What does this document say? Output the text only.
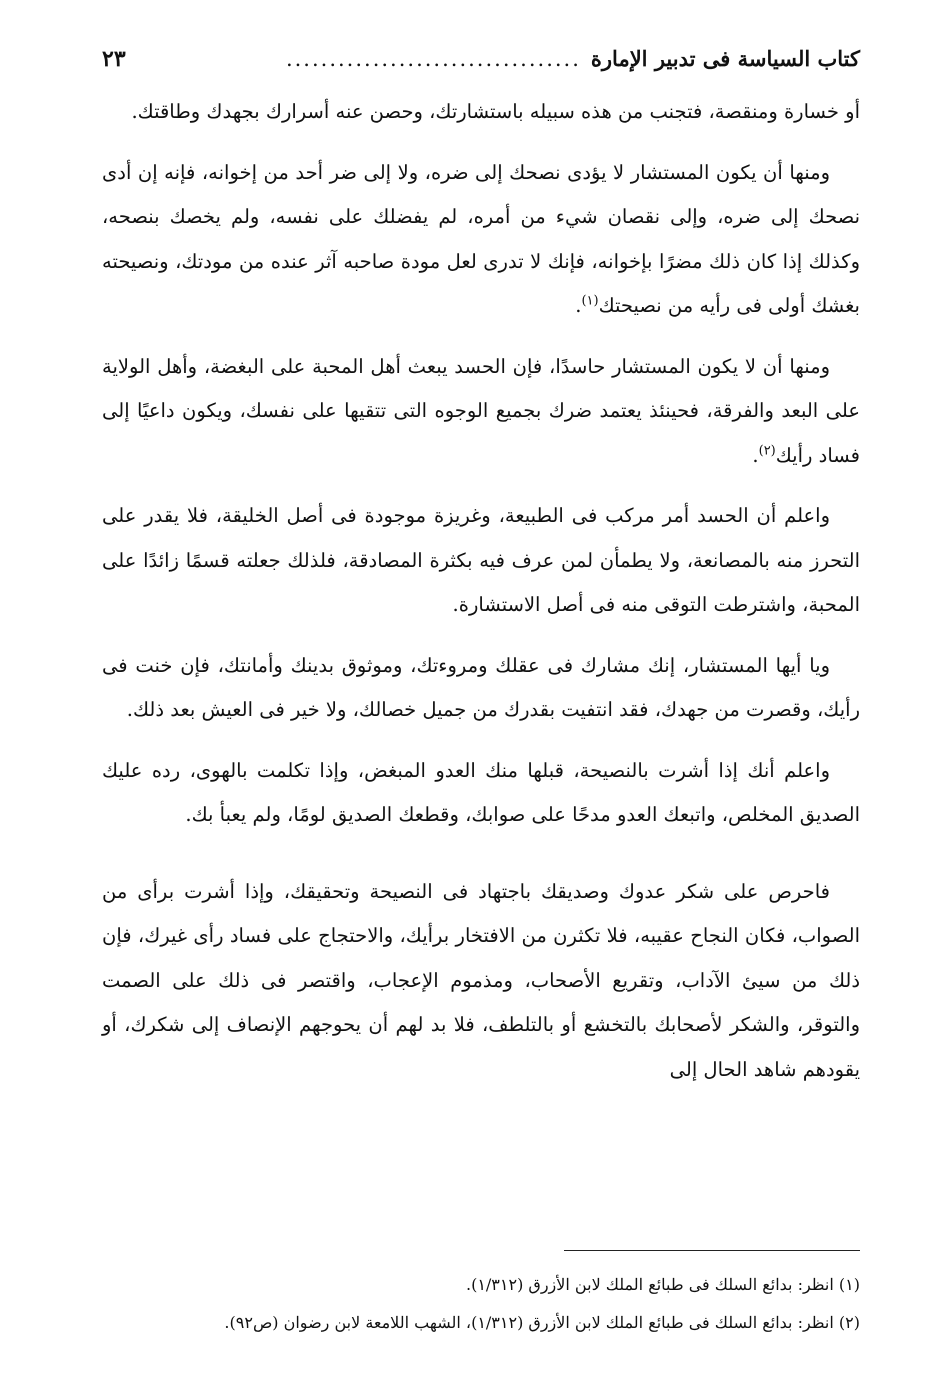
كتاب السياسة فى تدبير الإمارة
..................................
٢٣

أو خسارة ومنقصة، فتجنب من هذه سبيله باستشارتك، وحصن عنه أسرارك بجهدك وطاقتك.

ومنها أن يكون المستشار لا يؤدى نصحك إلى ضره، ولا إلى ضر أحد من إخوانه، فإنه إن أدى نصحك إلى ضره، وإلى نقصان شيء من أمره، لم يفضلك على نفسه، ولم يخصك بنصحه، وكذلك إذا كان ذلك مضرًا بإخوانه، فإنك لا تدرى لعل مودة صاحبه آثر عنده من مودتك، ونصيحته بغشك أولى فى رأيه من نصيحتك$^{(١)}$.

ومنها أن لا يكون المستشار حاسدًا، فإن الحسد يبعث أهل المحبة على البغضة، وأهل الولاية على البعد والفرقة، فحينئذ يعتمد ضرك بجميع الوجوه التى تتقيها على نفسك، ويكون داعيًا إلى فساد رأيك$^{(٢)}$.

واعلم أن الحسد أمر مركب فى الطبيعة، وغريزة موجودة فى أصل الخليقة، فلا يقدر على التحرز منه بالمصانعة، ولا يطمأن لمن عرف فيه بكثرة المصادقة، فلذلك جعلته قسمًا زائدًا على المحبة، واشترطت التوقى منه فى أصل الاستشارة.

ويا أيها المستشار، إنك مشارك فى عقلك ومروءتك، وموثوق بدينك وأمانتك، فإن خنت فى رأيك، وقصرت من جهدك، فقد انتفيت بقدرك من جميل خصالك، ولا خير فى العيش بعد ذلك.

واعلم أنك إذا أشرت بالنصيحة، قبلها منك العدو المبغض، وإذا تكلمت بالهوى، رده عليك الصديق المخلص، واتبعك العدو مدحًا على صوابك، وقطعك الصديق لومًا، ولم يعبأ بك.

فاحرص على شكر عدوك وصديقك باجتهاد فى النصيحة وتحقيقك، وإذا أشرت برأى من الصواب، فكان النجاح عقيبه، فلا تكثرن من الافتخار برأيك، والاحتجاج على فساد رأى غيرك، فإن ذلك من سيئ الآداب، وتقريع الأصحاب، ومذموم الإعجاب، واقتصر فى ذلك على الصمت والتوقر، والشكر لأصحابك بالتخشع أو بالتلطف، فلا بد لهم أن يحوجهم الإنصاف إلى شكرك، أو يقودهم شاهد الحال إلى

(١) انظر: بدائع السلك فى طبائع الملك لابن الأزرق (١/٣١٢).
(٢) انظر: بدائع السلك فى طبائع الملك لابن الأزرق (١/٣١٢)، الشهب اللامعة لابن رضوان (ص٩٢).
